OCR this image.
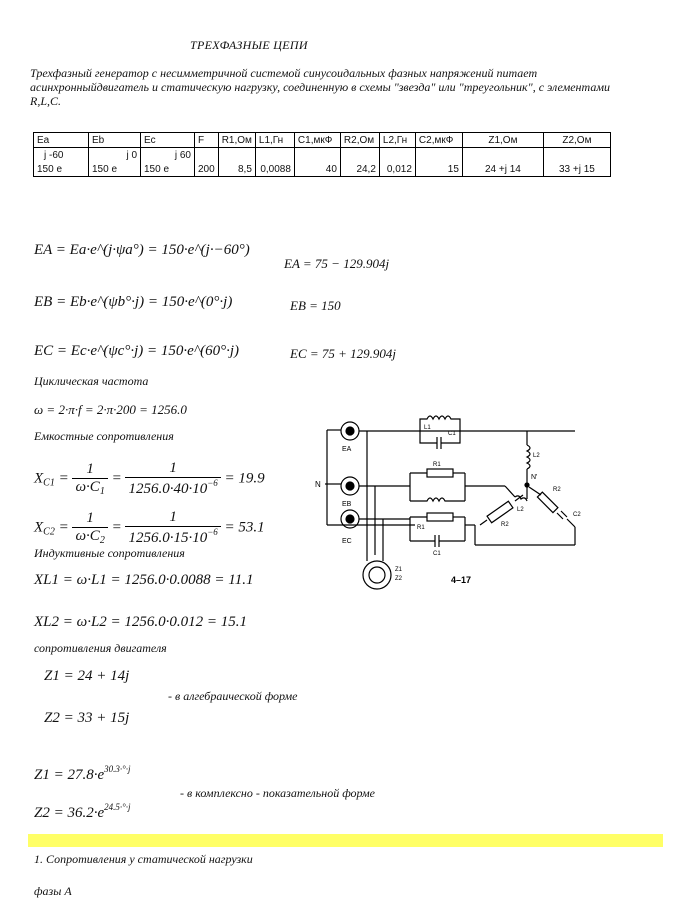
ТРЕХФАЗНЫЕ ЦЕПИ
Трехфазный генератор с несимметричной системой синусоидальных фазных напряжений питает асинхронныйдвигатель и статическую нагрузку, соединенную в схемы "звезда" или "треугольник", с элементами R,L,C.
Ea	Eb	Ec	F	R1,Ом	L1,Гн	C1,мкФ	R2,Ом	L2,Гн	C2,мкФ	Z1,Ом	Z2,Ом
j -60	j 0	j 60									
150 e	150 e	150 e	200	8,5	0,0088	40	24,2	0,012	15	24 +j 14	33 +j 15
EA = Ea·e^(j·ψa°) = 150·e^(j·−60°)
EA = 75 − 129.904j
EB = Eb·e^(ψb°·j) = 150·e^(0°·j)	EB = 150
EC = Ec·e^(ψc°·j) = 150·e^(60°·j)	EC = 75 + 129.904j
Циклическая частота
ω = 2·π·f = 2·π·200 = 1256.0
Емкостные сопротивления
$X_{C1} = \frac{1}{\omega\cdot C_1} = \frac{1}{1256.0\cdot 40\cdot 10^{-6}} = 19.9$
$X_{C2} = \frac{1}{\omega\cdot C_2} = \frac{1}{1256.0\cdot 15\cdot 10^{-6}} = 53.1$
Индуктивные сопротивления
XL1 = ω·L1 = 1256.0·0.0088 = 11.1
XL2 = ω·L2 = 1256.0·0.012 = 15.1
сопротивления двигателя
Z1 = 24 + 14j
- в алгебраической форме
Z2 = 33 + 15j
$Z1 = 27.8\cdot e^{30.3\cdot^\circ\cdot j}$
- в комплексно - показательной форме
$Z2 = 36.2\cdot e^{24.5\cdot^\circ\cdot j}$
1. Сопротивления у статической нагрузки
фазы А
EA
EB
EC
N
Z1
Z2
L1
C1
L2
N'
R1
L2
R2
R2
C2
R1
C1
4–17
